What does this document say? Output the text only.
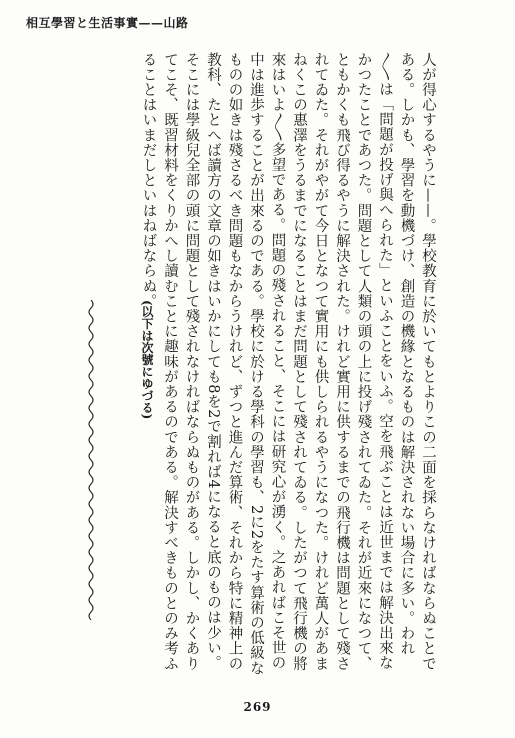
相互學習と生活事實——山路
人が得心するやうに——。學校教育に於いてもとよりこの二面を採らなければならぬことである。しかも、學習を動機づけ、創造の機緣となるものは解決されない場合に多い。われ〳〵は「問題が投げ與へられた」といふことをいふ。空を飛ぶことは近世までは解決出來なかつたことであつた。問題として人類の頭の上に投げ殘されてゐた。それが近來になつて、ともかくも飛び得るやうに解決された。けれど實用に供するまでの飛行機は問題として殘されてゐた。それがやがて今日となつて實用にも供しられるやうになつた。けれど萬人があまねくこの惠澤をうるまでになることはまだ問題として殘されてゐる。したがつて飛行機の將來はいよ〳〵多望である。問題の殘されること、そこには研究心が湧く。之あればこそ世の中は進歩することが出來るのである。學校に於ける學科の學習も、2に2をたす算術の低級なものの如きは殘さるべき問題もなからうけれど、ずつと進んだ算術、それから特に精神上の教科、たとへば讀方の文章の如きはいかにしても8を2で割れば4になると底のものは少い。そこには學級兒全部の頭に問題として殘されなければならぬものがある。しかし、かくありてこそ、既習材料をくりかへし讀むことに趣味があるのである。解決すべきものとのみ考ふることはいまだしといはねばならぬ。
(以下は次號にゆづる)
269
